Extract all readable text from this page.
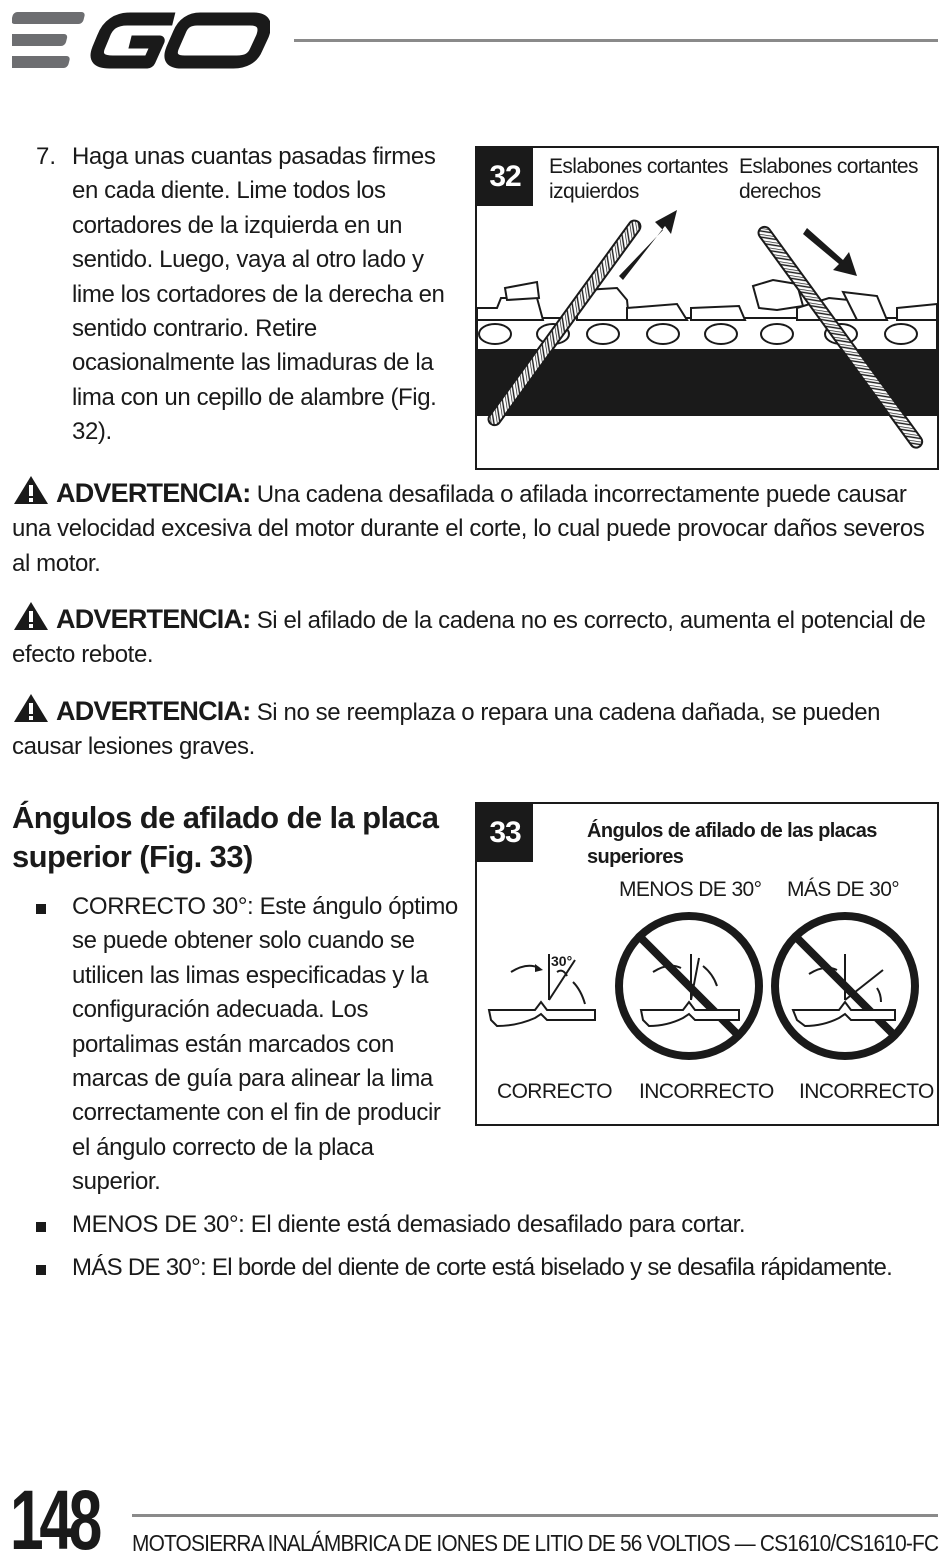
7. Haga unas cuantas pasadas firmes en cada diente. Lime todos los cortadores de la izquierda en un sentido. Luego, vaya al otro lado y lime los cortadores de la derecha en sentido contrario. Retire ocasionalmente las limaduras de la lima con un cepillo de alambre (Fig. 32).
32	Eslabones cortantes izquierdos
Eslabones cortantes derechos
ADVERTENCIA: Una cadena desafilada o afilada incorrectamente puede causar una velocidad excesiva del motor durante el corte, lo cual puede provocar daños severos al motor.
ADVERTENCIA: Si el afilado de la cadena no es correcto, aumenta el potencial de efecto rebote.
ADVERTENCIA: Si no se reemplaza o repara una cadena dañada, se pueden causar lesiones graves.
Ángulos de afilado de la placa superior (Fig. 33)
CORRECTO 30°: Este ángulo óptimo se puede obtener solo cuando se utilicen las limas especificadas y la configuración adecuada. Los portalimas están marcados con marcas de guía para alinear la lima correctamente con el fin de producir el ángulo correcto de la placa superior.
MENOS DE 30°: El diente está demasiado desafilado para cortar.
MÁS DE 30°: El borde del diente de corte está biselado y se desafila rápidamente.
30°
33	Ángulos de afilado de las placas superiores
MENOS DE 30° MÁS DE 30°
CORRECTO INCORRECTO INCORRECTO
148 MOTOSIERRA INALÁMBRICA DE IONES DE LITIO DE 56 VOLTIOS — CS1610/CS1610-FC
